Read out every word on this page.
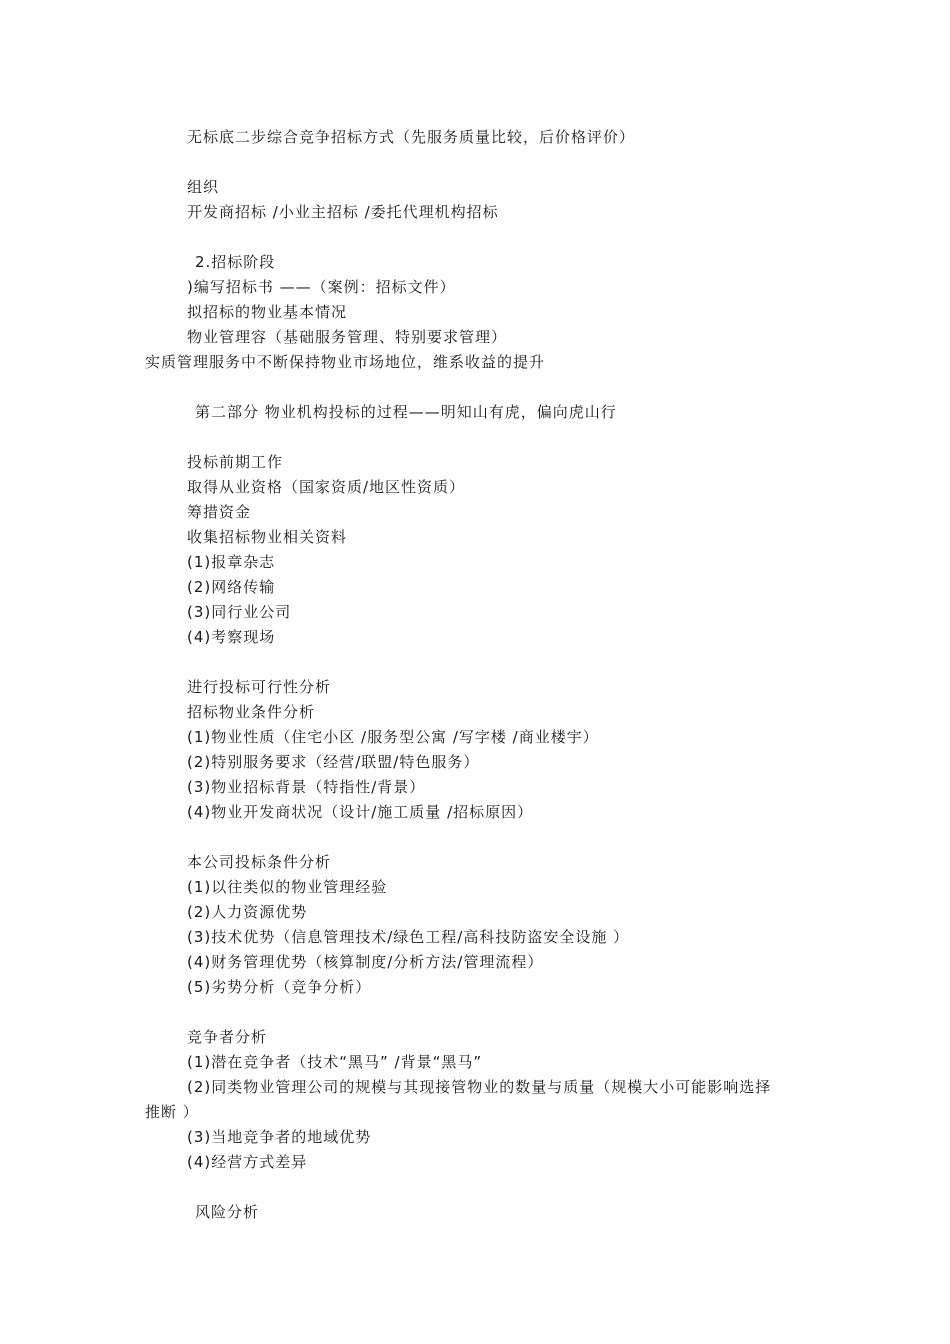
无标底二步综合竞争招标方式（先服务质量比较，后价格评价）
组织
开发商招标 /小业主招标 /委托代理机构招标
2.招标阶段
)编写招标书 ——（案例：招标文件）
拟招标的物业基本情况
物业管理容（基础服务管理、特别要求管理）
实质管理服务中不断保持物业市场地位，维系收益的提升
第二部分 物业机构投标的过程——明知山有虎，偏向虎山行
投标前期工作
取得从业资格（国家资质/地区性资质）
筹措资金
收集招标物业相关资料
(1)报章杂志
(2)网络传输
(3)同行业公司
(4)考察现场
进行投标可行性分析
招标物业条件分析
(1)物业性质（住宅小区 /服务型公寓 /写字楼 /商业楼宇）
(2)特别服务要求（经营/联盟/特色服务）
(3)物业招标背景（特指性/背景）
(4)物业开发商状况（设计/施工质量 /招标原因）
本公司投标条件分析
(1)以往类似的物业管理经验
(2)人力资源优势
(3)技术优势（信息管理技术/绿色工程/高科技防盗安全设施 ）
(4)财务管理优势（核算制度/分析方法/管理流程）
(5)劣势分析（竞争分析）
竞争者分析
(1)潜在竞争者（技术“黑马” /背景“黑马”
(2)同类物业管理公司的规模与其现接管物业的数量与质量（规模大小可能影响选择
推断 ）
(3)当地竞争者的地域优势
(4)经营方式差异
风险分析
